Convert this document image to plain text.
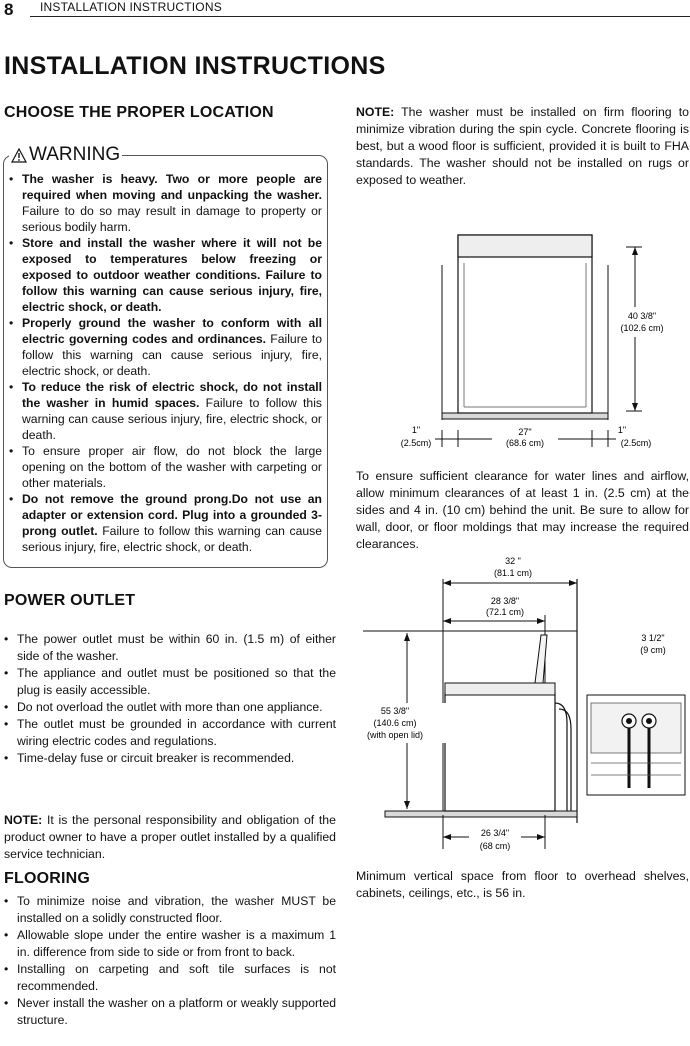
8 INSTALLATION INSTRUCTIONS
INSTALLATION INSTRUCTIONS
CHOOSE THE PROPER LOCATION
WARNING
• The washer is heavy. Two or more people are required when moving and unpacking the washer. Failure to do so may result in damage to property or serious bodily harm.
• Store and install the washer where it will not be exposed to temperatures below freezing or exposed to outdoor weather conditions. Failure to follow this warning can cause serious injury, fire, electric shock, or death.
• Properly ground the washer to conform with all electric governing codes and ordinances. Failure to follow this warning can cause serious injury, fire, electric shock, or death.
• To reduce the risk of electric shock, do not install the washer in humid spaces. Failure to follow this warning can cause serious injury, fire, electric shock, or death.
• To ensure proper air flow, do not block the large opening on the bottom of the washer with carpeting or other materials.
• Do not remove the ground prong.Do not use an adapter or extension cord. Plug into a grounded 3-prong outlet. Failure to follow this warning can cause serious injury, fire, electric shock, or death.
POWER OUTLET
• The power outlet must be within 60 in. (1.5 m) of either side of the washer.
• The appliance and outlet must be positioned so that the plug is easily accessible.
• Do not overload the outlet with more than one appliance.
• The outlet must be grounded in accordance with current wiring electric codes and regulations.
• Time-delay fuse or circuit breaker is recommended.

NOTE: It is the personal responsibility and obligation of the product owner to have a proper outlet installed by a qualified service technician.

FLOORING
• To minimize noise and vibration, the washer MUST be installed on a solidly constructed floor.
• Allowable slope under the entire washer is a maximum 1 in. difference from side to side or from front to back.
• Installing on carpeting and soft tile surfaces is not recommended.
• Never install the washer on a platform or weakly supported structure.

NOTE: The washer must be installed on firm flooring to minimize vibration during the spin cycle. Concrete flooring is best, but a wood floor is sufficient, provided it is built to FHA standards. The washer should not be installed on rugs or exposed to weather.

40 3/8"
(102.6 cm)
1"
(2.5cm)
27"
(68.6 cm)
1"
(2.5cm)

To ensure sufficient clearance for water lines and airflow, allow minimum clearances of at least 1 in. (2.5 cm) at the sides and 4 in. (10 cm) behind the unit. Be sure to allow for wall, door, or floor moldings that may increase the required clearances.

32 "
(81.1 cm)
28 3/8"
(72.1 cm)
55 3/8"
(140.6 cm)
(with open lid)
3 1/2"
(9 cm)
26 3/4"
(68 cm)

Minimum vertical space from floor to overhead shelves, cabinets, ceilings, etc., is 56 in.
